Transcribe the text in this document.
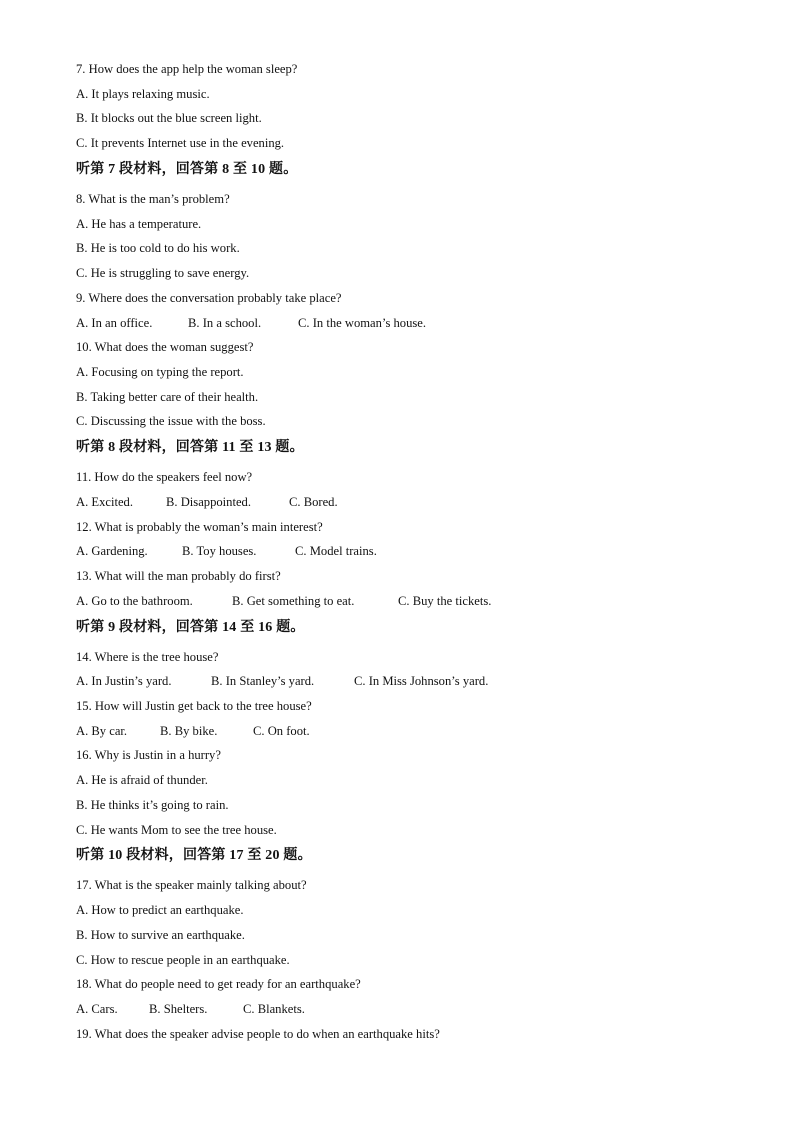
7. How does the app help the woman sleep?
A. It plays relaxing music.
B. It blocks out the blue screen light.
C. It prevents Internet use in the evening.
听第 7 段材料，回答第 8 至 10 题。
8. What is the man’s problem?
A. He has a temperature.
B. He is too cold to do his work.
C. He is struggling to save energy.
9. Where does the conversation probably take place?
A. In an office.	B. In a school.	C. In the woman’s house.
10. What does the woman suggest?
A. Focusing on typing the report.
B. Taking better care of their health.
C. Discussing the issue with the boss.
听第 8 段材料，回答第 11 至 13 题。
11. How do the speakers feel now?
A. Excited.	B. Disappointed.	C. Bored.
12. What is probably the woman’s main interest?
A. Gardening.	B. Toy houses.	C. Model trains.
13. What will the man probably do first?
A. Go to the bathroom.	B. Get something to eat.	C. Buy the tickets.
听第 9 段材料，回答第 14 至 16 题。
14. Where is the tree house?
A. In Justin’s yard.	B. In Stanley’s yard.	C. In Miss Johnson’s yard.
15. How will Justin get back to the tree house?
A. By car.	B. By bike.	C. On foot.
16. Why is Justin in a hurry?
A. He is afraid of thunder.
B. He thinks it’s going to rain.
C. He wants Mom to see the tree house.
听第 10 段材料，回答第 17 至 20 题。
17. What is the speaker mainly talking about?
A. How to predict an earthquake.
B. How to survive an earthquake.
C. How to rescue people in an earthquake.
18. What do people need to get ready for an earthquake?
A. Cars. B. Shelters.	C. Blankets.
19. What does the speaker advise people to do when an earthquake hits?
